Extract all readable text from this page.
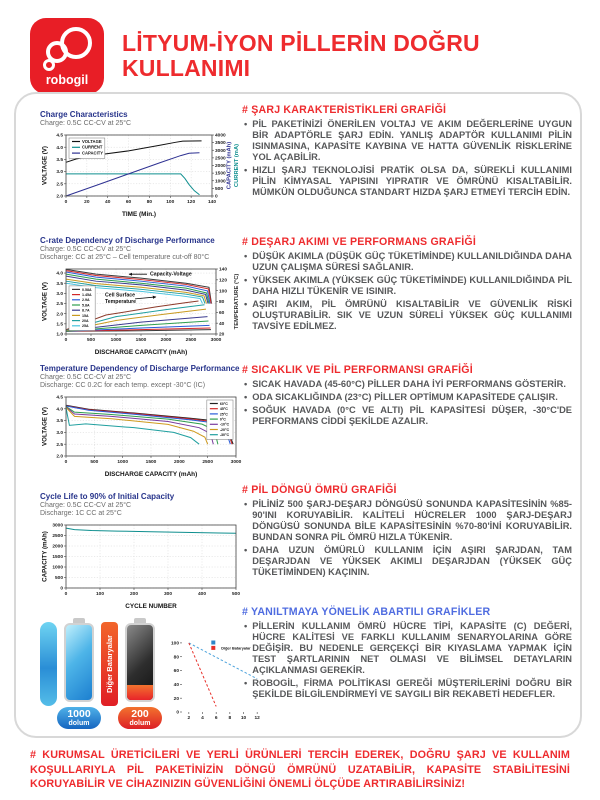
robogil
LİTYUM-İYON PİLLERİN DOĞRU
KULLANIMI
Charge Characteristics
Charge: 0.5C CC-CV at 25°C
0	20	40	60	80	100	120	140
2.0
2.5
3.0
3.5
4.0
4.5
0
500
1000
1500
2000
2500
3000
3500
4000
TIME (Min.)
VOLTAGE (V)	CAPACITY (mAh) CURRENT (mA)
VOLTAGE
CURRENT
CAPACITY
C-rate Dependency of Discharge Performance
Charge: 0.5C CC-CV at 25°C
Discharge: CC at 25°C – Cell temperature cut-off 80°C
0	500	1000	1500	2000	2500	3000
1.0
1.5
2.0
2.5
3.0
3.5
4.0
20
40
60
80
100
120
140
DISCHARGE CAPACITY (mAh)
VOLTAGE (V)	TEMPERATURE (°C)
0.58A
1.45A
2.9A
5.8A
8.7A
15A
20A
25A
Capacity-Voltage
Cell Surface
Temperature
Temperature Dependency of Discharge Performance
Charge: 0.5C CC-CV at 25°C
Discharge: CC 0.2C for each temp. except -30°C (IC)
0	500	1000	1500	2000	2500	3000
2.0
2.5
3.0
3.5
4.0
4.5
DISCHARGE CAPACITY (mAh)
VOLTAGE (V)
60°C
45°C
25°C
0°C
-10°C
-20°C
-30°C
Cycle Life to 90% of Initial Capacity
Charge: 0.5C CC-CV at 25°C
Discharge: 1C CC at 25°C
0	100	200	300	400	500
0
500
1000
1500
2000
2500
3000
CYCLE NUMBER
CAPACITY (mAh)
1000
dolum
Diğer Bataryalar
200
dolum
2 4 6 8 10 12
0
20
40
60
80
100
Diğer Bataryalar
# ŞARJ KARAKTERİSTİKLERİ GRAFİĞİ
• PİL PAKETİNİZİ ÖNERİLEN VOLTAJ VE AKIM DEĞERLERİNE UYGUN BİR ADAPTÖRLE ŞARJ EDİN. YANLIŞ ADAPTÖR KULLANIMI PİLİN ISINMASINA, KAPASİTE KAYBINA VE HATTA GÜVENLİK RİSKLERİNE YOL AÇABİLİR.
• HIZLI ŞARJ TEKNOLOJİSİ PRATİK OLSA DA, SÜREKLİ KULLANIMI PİLİN KİMYASAL YAPISINI YIPRATIR VE ÖMRÜNÜ KISALTABİLİR. MÜMKÜN OLDUĞUNCA STANDART HIZDA ŞARJ ETMEYİ TERCİH EDİN.
# DEŞARJ AKIMI VE PERFORMANS GRAFİĞİ
• DÜŞÜK AKIMLA (DÜŞÜK GÜÇ TÜKETİMİNDE) KULLANILDIĞINDA DAHA UZUN ÇALIŞMA SÜRESİ SAĞLANIR.
• YÜKSEK AKIMLA (YÜKSEK GÜÇ TÜKETİMİNDE) KULLANILDIĞINDA PİL DAHA HIZLI TÜKENİR VE ISINIR.
• AŞIRI AKIM, PİL ÖMRÜNÜ KISALTABİLİR VE GÜVENLİK RİSKİ OLUŞTURABİLİR. SIK VE UZUN SÜRELİ YÜKSEK GÜÇ KULLANIMI TAVSİYE EDİLMEZ.
# SICAKLIK VE PİL PERFORMANSI GRAFİĞİ
• SICAK HAVADA (45-60°C) PİLLER DAHA İYİ PERFORMANS GÖSTERİR.
• ODA SICAKLIĞINDA (23°C) PİLLER OPTİMUM KAPASİTEDE ÇALIŞIR.
• SOĞUK HAVADA (0°C VE ALTI) PİL KAPASİTESİ DÜŞER, -30°C'DE PERFORMANS CİDDİ ŞEKİLDE AZALIR.
# PİL DÖNGÜ ÖMRÜ GRAFİĞİ
• PİLİNİZ 500 ŞARJ-DEŞARJ DÖNGÜSÜ SONUNDA KAPASİTESİNİN %85-90'INI KORUYABİLİR. KALİTELİ HÜCRELER 1000 ŞARJ-DEŞARJ DÖNGÜSÜ SONUNDA BİLE KAPASİTESİNİN %70-80'İNİ KORUYABİLİR. BUNDAN SONRA PİL ÖMRÜ HIZLA TÜKENİR.
• DAHA UZUN ÖMÜRLÜ KULLANIM İÇİN AŞIRI ŞARJDAN, TAM DEŞARJDAN VE YÜKSEK AKIMLI DEŞARJDAN (YÜKSEK GÜÇ TÜKETİMİNDEN) KAÇININ.
# YANILTMAYA YÖNELİK ABARTILI GRAFİKLER
• PİLLERİN KULLANIM ÖMRÜ HÜCRE TİPİ, KAPASİTE (C) DEĞERİ, HÜCRE KALİTESİ VE FARKLI KULLANIM SENARYOLARINA GÖRE DEĞİŞİR. BU NEDENLE GERÇEKÇİ BİR KIYASLAMA YAPMAK İÇİN TEST ŞARTLARININ NET OLMASI VE BİLİMSEL DETAYLARIN AÇIKLANMASI GEREKİR.
• ROBOGİL, FİRMA POLİTİKASI GEREĞİ MÜŞTERİLERİNİ DOĞRU BİR ŞEKİLDE BİLGİLENDİRMEYİ VE SAYGILI BİR REKABETİ HEDEFLER.
# KURUMSAL ÜRETİCİLERİ VE YERLİ ÜRÜNLERİ TERCİH EDEREK, DOĞRU ŞARJ VE KULLANIM KOŞULLARIYLA PİL PAKETİNİZİN DÖNGÜ ÖMRÜNÜ UZATABİLİR, KAPASİTE STABİLİTESİNİ KORUYABİLİR VE CİHAZINIZIN GÜVENLİĞİNİ ÖNEMLİ ÖLÇÜDE ARTIRABİLİRSİNİZ!
